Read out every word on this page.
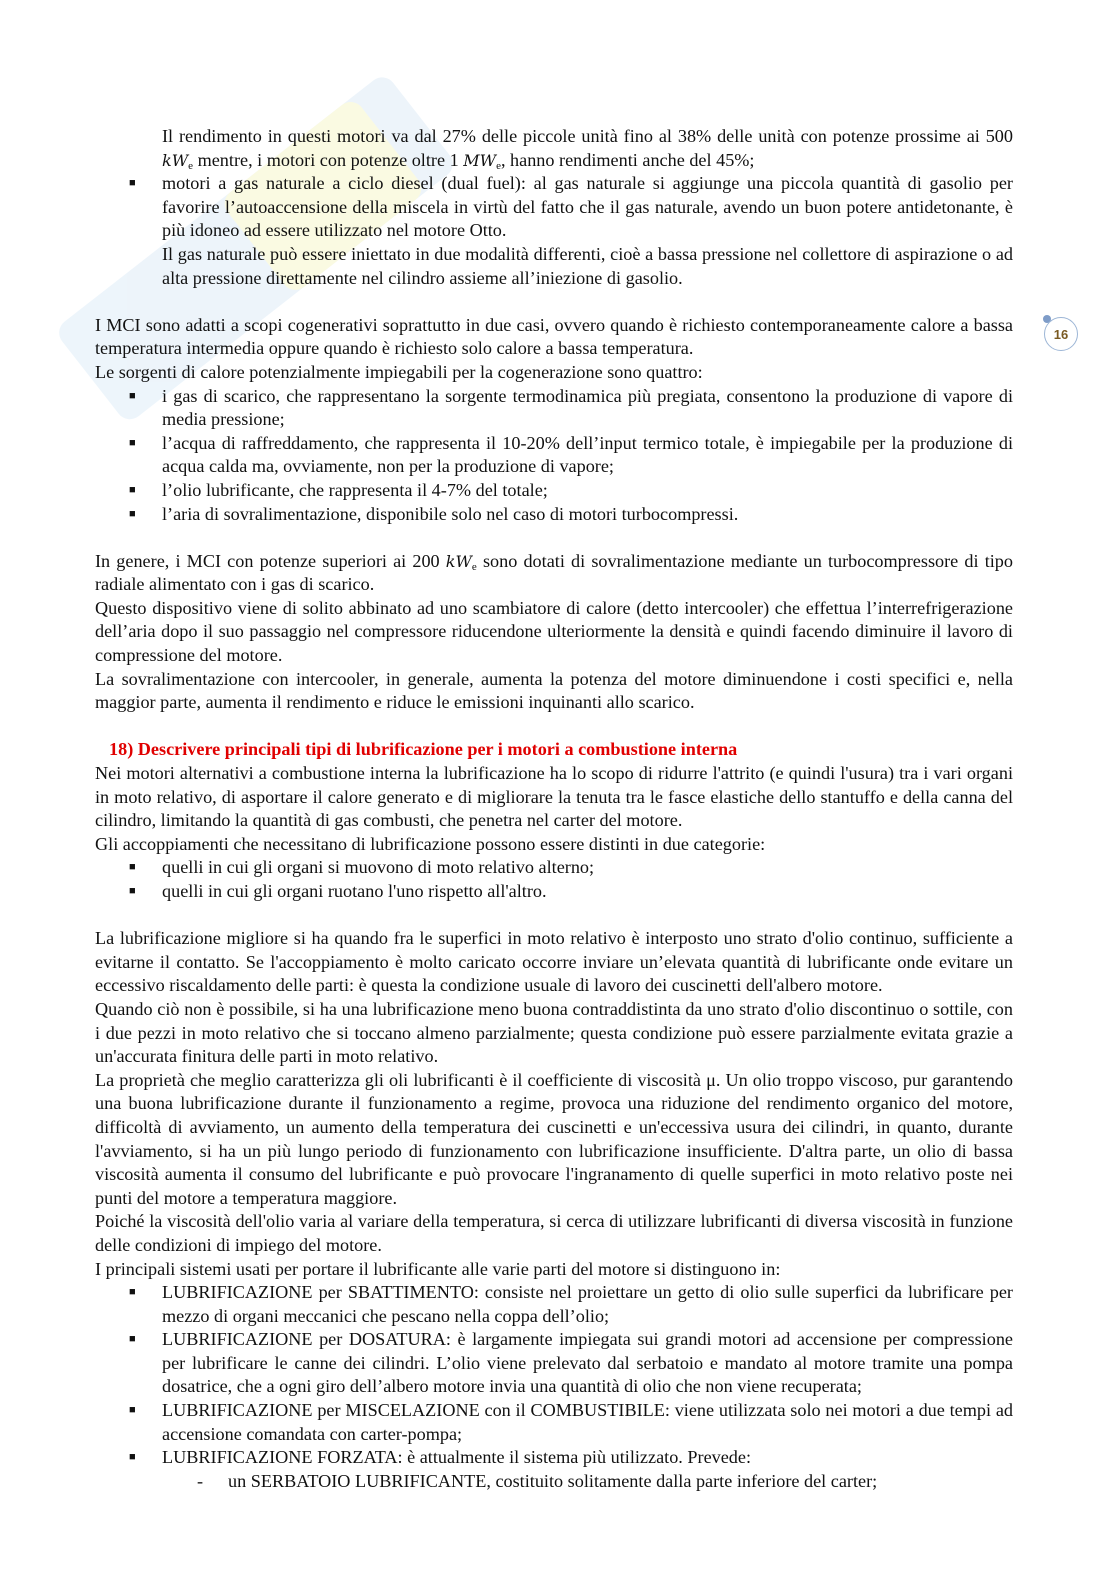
Il rendimento in questi motori va dal 27% delle piccole unità fino al 38% delle unità con potenze prossime ai 500 $kW_e$ mentre, i motori con potenze oltre 1 $MW_e$, hanno rendimenti anche del 45%;
■ motori a gas naturale a ciclo diesel (dual fuel): al gas naturale si aggiunge una piccola quantità di gasolio per favorire l’autoaccensione della miscela in virtù del fatto che il gas naturale, avendo un buon potere antidetonante, è più idoneo ad essere utilizzato nel motore Otto.
Il gas naturale può essere iniettato in due modalità differenti, cioè a bassa pressione nel collettore di aspirazione o ad alta pressione direttamente nel cilindro assieme all’iniezione di gasolio.
I MCI sono adatti a scopi cogenerativi soprattutto in due casi, ovvero quando è richiesto contemporaneamente calore a bassa temperatura intermedia oppure quando è richiesto solo calore a bassa temperatura.
Le sorgenti di calore potenzialmente impiegabili per la cogenerazione sono quattro:
■ i gas di scarico, che rappresentano la sorgente termodinamica più pregiata, consentono la produzione di vapore di media pressione;
■ l’acqua di raffreddamento, che rappresenta il 10-20% dell’input termico totale, è impiegabile per la produzione di acqua calda ma, ovviamente, non per la produzione di vapore;
■ l’olio lubrificante, che rappresenta il 4-7% del totale;
■ l’aria di sovralimentazione, disponibile solo nel caso di motori turbocompressi.
In genere, i MCI con potenze superiori ai 200 $kW_e$ sono dotati di sovralimentazione mediante un turbocompressore di tipo radiale alimentato con i gas di scarico.
Questo dispositivo viene di solito abbinato ad uno scambiatore di calore (detto intercooler) che effettua l’interrefrigerazione dell’aria dopo il suo passaggio nel compressore riducendone ulteriormente la densità e quindi facendo diminuire il lavoro di compressione del motore.
La sovralimentazione con intercooler, in generale, aumenta la potenza del motore diminuendone i costi specifici e, nella maggior parte, aumenta il rendimento e riduce le emissioni inquinanti allo scarico.
18) Descrivere principali tipi di lubrificazione per i motori a combustione interna
Nei motori alternativi a combustione interna la lubrificazione ha lo scopo di ridurre l'attrito (e quindi l'usura) tra i vari organi in moto relativo, di asportare il calore generato e di migliorare la tenuta tra le fasce elastiche dello stantuffo e della canna del cilindro, limitando la quantità di gas combusti, che penetra nel carter del motore.
Gli accoppiamenti che necessitano di lubrificazione possono essere distinti in due categorie:
■ quelli in cui gli organi si muovono di moto relativo alterno;
■ quelli in cui gli organi ruotano l'uno rispetto all'altro.
La lubrificazione migliore si ha quando fra le superfici in moto relativo è interposto uno strato d'olio continuo, sufficiente a evitarne il contatto. Se l'accoppiamento è molto caricato occorre inviare un’elevata quantità di lubrificante onde evitare un eccessivo riscaldamento delle parti: è questa la condizione usuale di lavoro dei cuscinetti dell'albero motore.
Quando ciò non è possibile, si ha una lubrificazione meno buona contraddistinta da uno strato d'olio discontinuo o sottile, con i due pezzi in moto relativo che si toccano almeno parzialmente; questa condizione può essere parzialmente evitata grazie a un'accurata finitura delle parti in moto relativo.
La proprietà che meglio caratterizza gli oli lubrificanti è il coefficiente di viscosità μ. Un olio troppo viscoso, pur garantendo una buona lubrificazione durante il funzionamento a regime, provoca una riduzione del rendimento organico del motore, difficoltà di avviamento, un aumento della temperatura dei cuscinetti e un'eccessiva usura dei cilindri, in quanto, durante l'avviamento, si ha un più lungo periodo di funzionamento con lubrificazione insufficiente. D'altra parte, un olio di bassa viscosità aumenta il consumo del lubrificante e può provocare l'ingranamento di quelle superfici in moto relativo poste nei punti del motore a temperatura maggiore.
Poiché la viscosità dell'olio varia al variare della temperatura, si cerca di utilizzare lubrificanti di diversa viscosità in funzione delle condizioni di impiego del motore.
I principali sistemi usati per portare il lubrificante alle varie parti del motore si distinguono in:
■ LUBRIFICAZIONE per SBATTIMENTO: consiste nel proiettare un getto di olio sulle superfici da lubrificare per mezzo di organi meccanici che pescano nella coppa dell’olio;
■ LUBRIFICAZIONE per DOSATURA: è largamente impiegata sui grandi motori ad accensione per compressione per lubrificare le canne dei cilindri. L’olio viene prelevato dal serbatoio e mandato al motore tramite una pompa dosatrice, che a ogni giro dell’albero motore invia una quantità di olio che non viene recuperata;
■ LUBRIFICAZIONE per MISCELAZIONE con il COMBUSTIBILE: viene utilizzata solo nei motori a due tempi ad accensione comandata con carter-pompa;
■ LUBRIFICAZIONE FORZATA: è attualmente il sistema più utilizzato. Prevede:
- un SERBATOIO LUBRIFICANTE, costituito solitamente dalla parte inferiore del carter;
16
